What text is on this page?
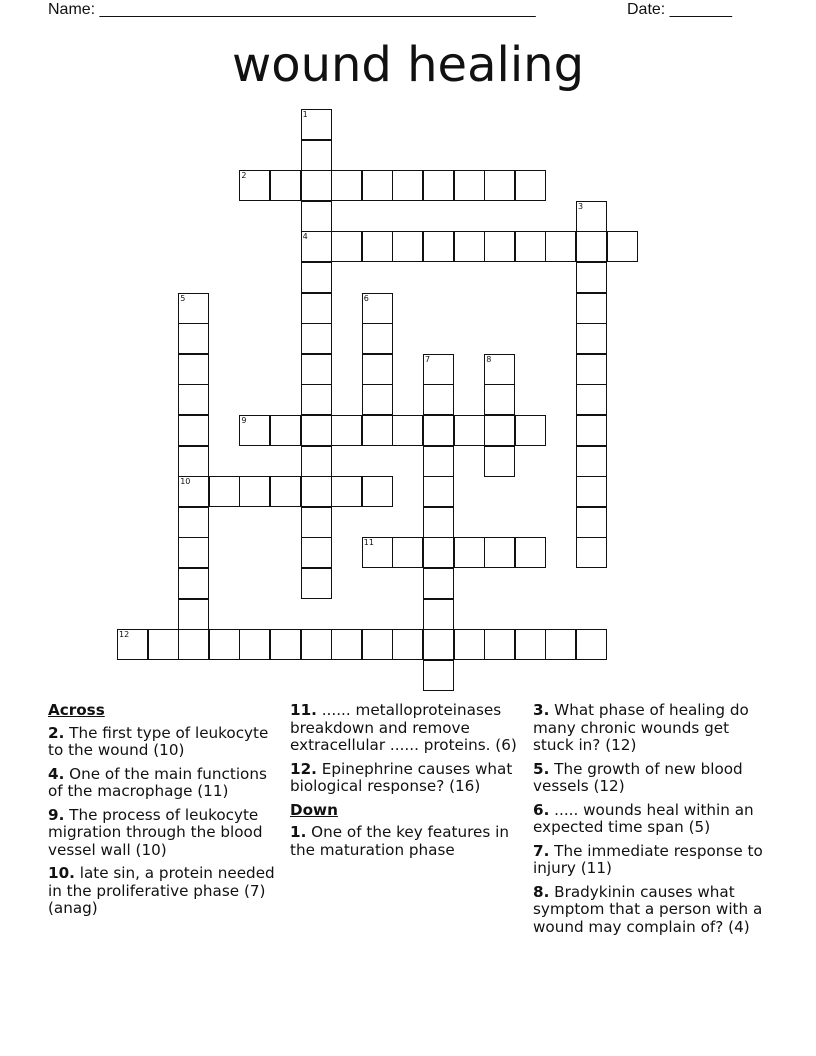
Name: _________________________________________________	Date: _______
wound healing
1
4
2
3
5
10
6
7	8
9
11
12
Across
2. The first type of leukocyte to the wound (10)
4. One of the main functions of the macrophage (11)
9. The process of leukocyte migration through the blood vessel wall (10)
10. late sin, a protein needed in the proliferative phase (7) (anag)
11. ...... metalloproteinases breakdown and remove extracellular ...... proteins. (6)
12. Epinephrine causes what biological response? (16)
Down
1. One of the key features in the maturation phase
3. What phase of healing do many chronic wounds get stuck in? (12)
5. The growth of new blood vessels (12)
6. ..... wounds heal within an expected time span (5)
7. The immediate response to injury (11)
8. Bradykinin causes what symptom that a person with a wound may complain of? (4)
